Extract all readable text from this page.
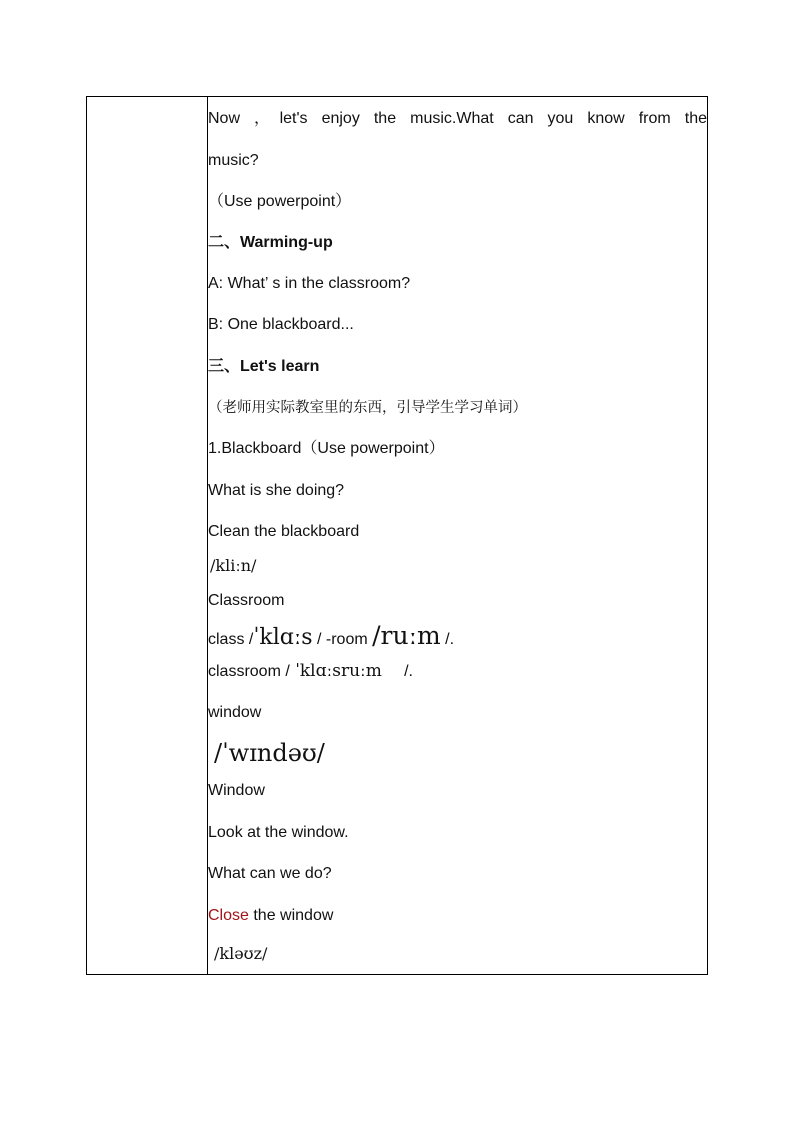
Now ，let's enjoy the music.What can you know from the
music?
（Use powerpoint）
二、Warming-up
A: What’ s in the classroom?
B: One blackboard...
三、Let's learn
（老师用实际教室里的东西，引导学生学习单词）
1.Blackboard（Use powerpoint）
What is she doing?
Clean the blackboard
/kliːn/
Classroom
class /ˈklɑːs / -room /ruːm /.
classroom / ˈklɑːsruːm     /.
window
/ˈwɪndəʊ/
Window
Look at the window.
What can we do?
Close the window
/kləʊz/
